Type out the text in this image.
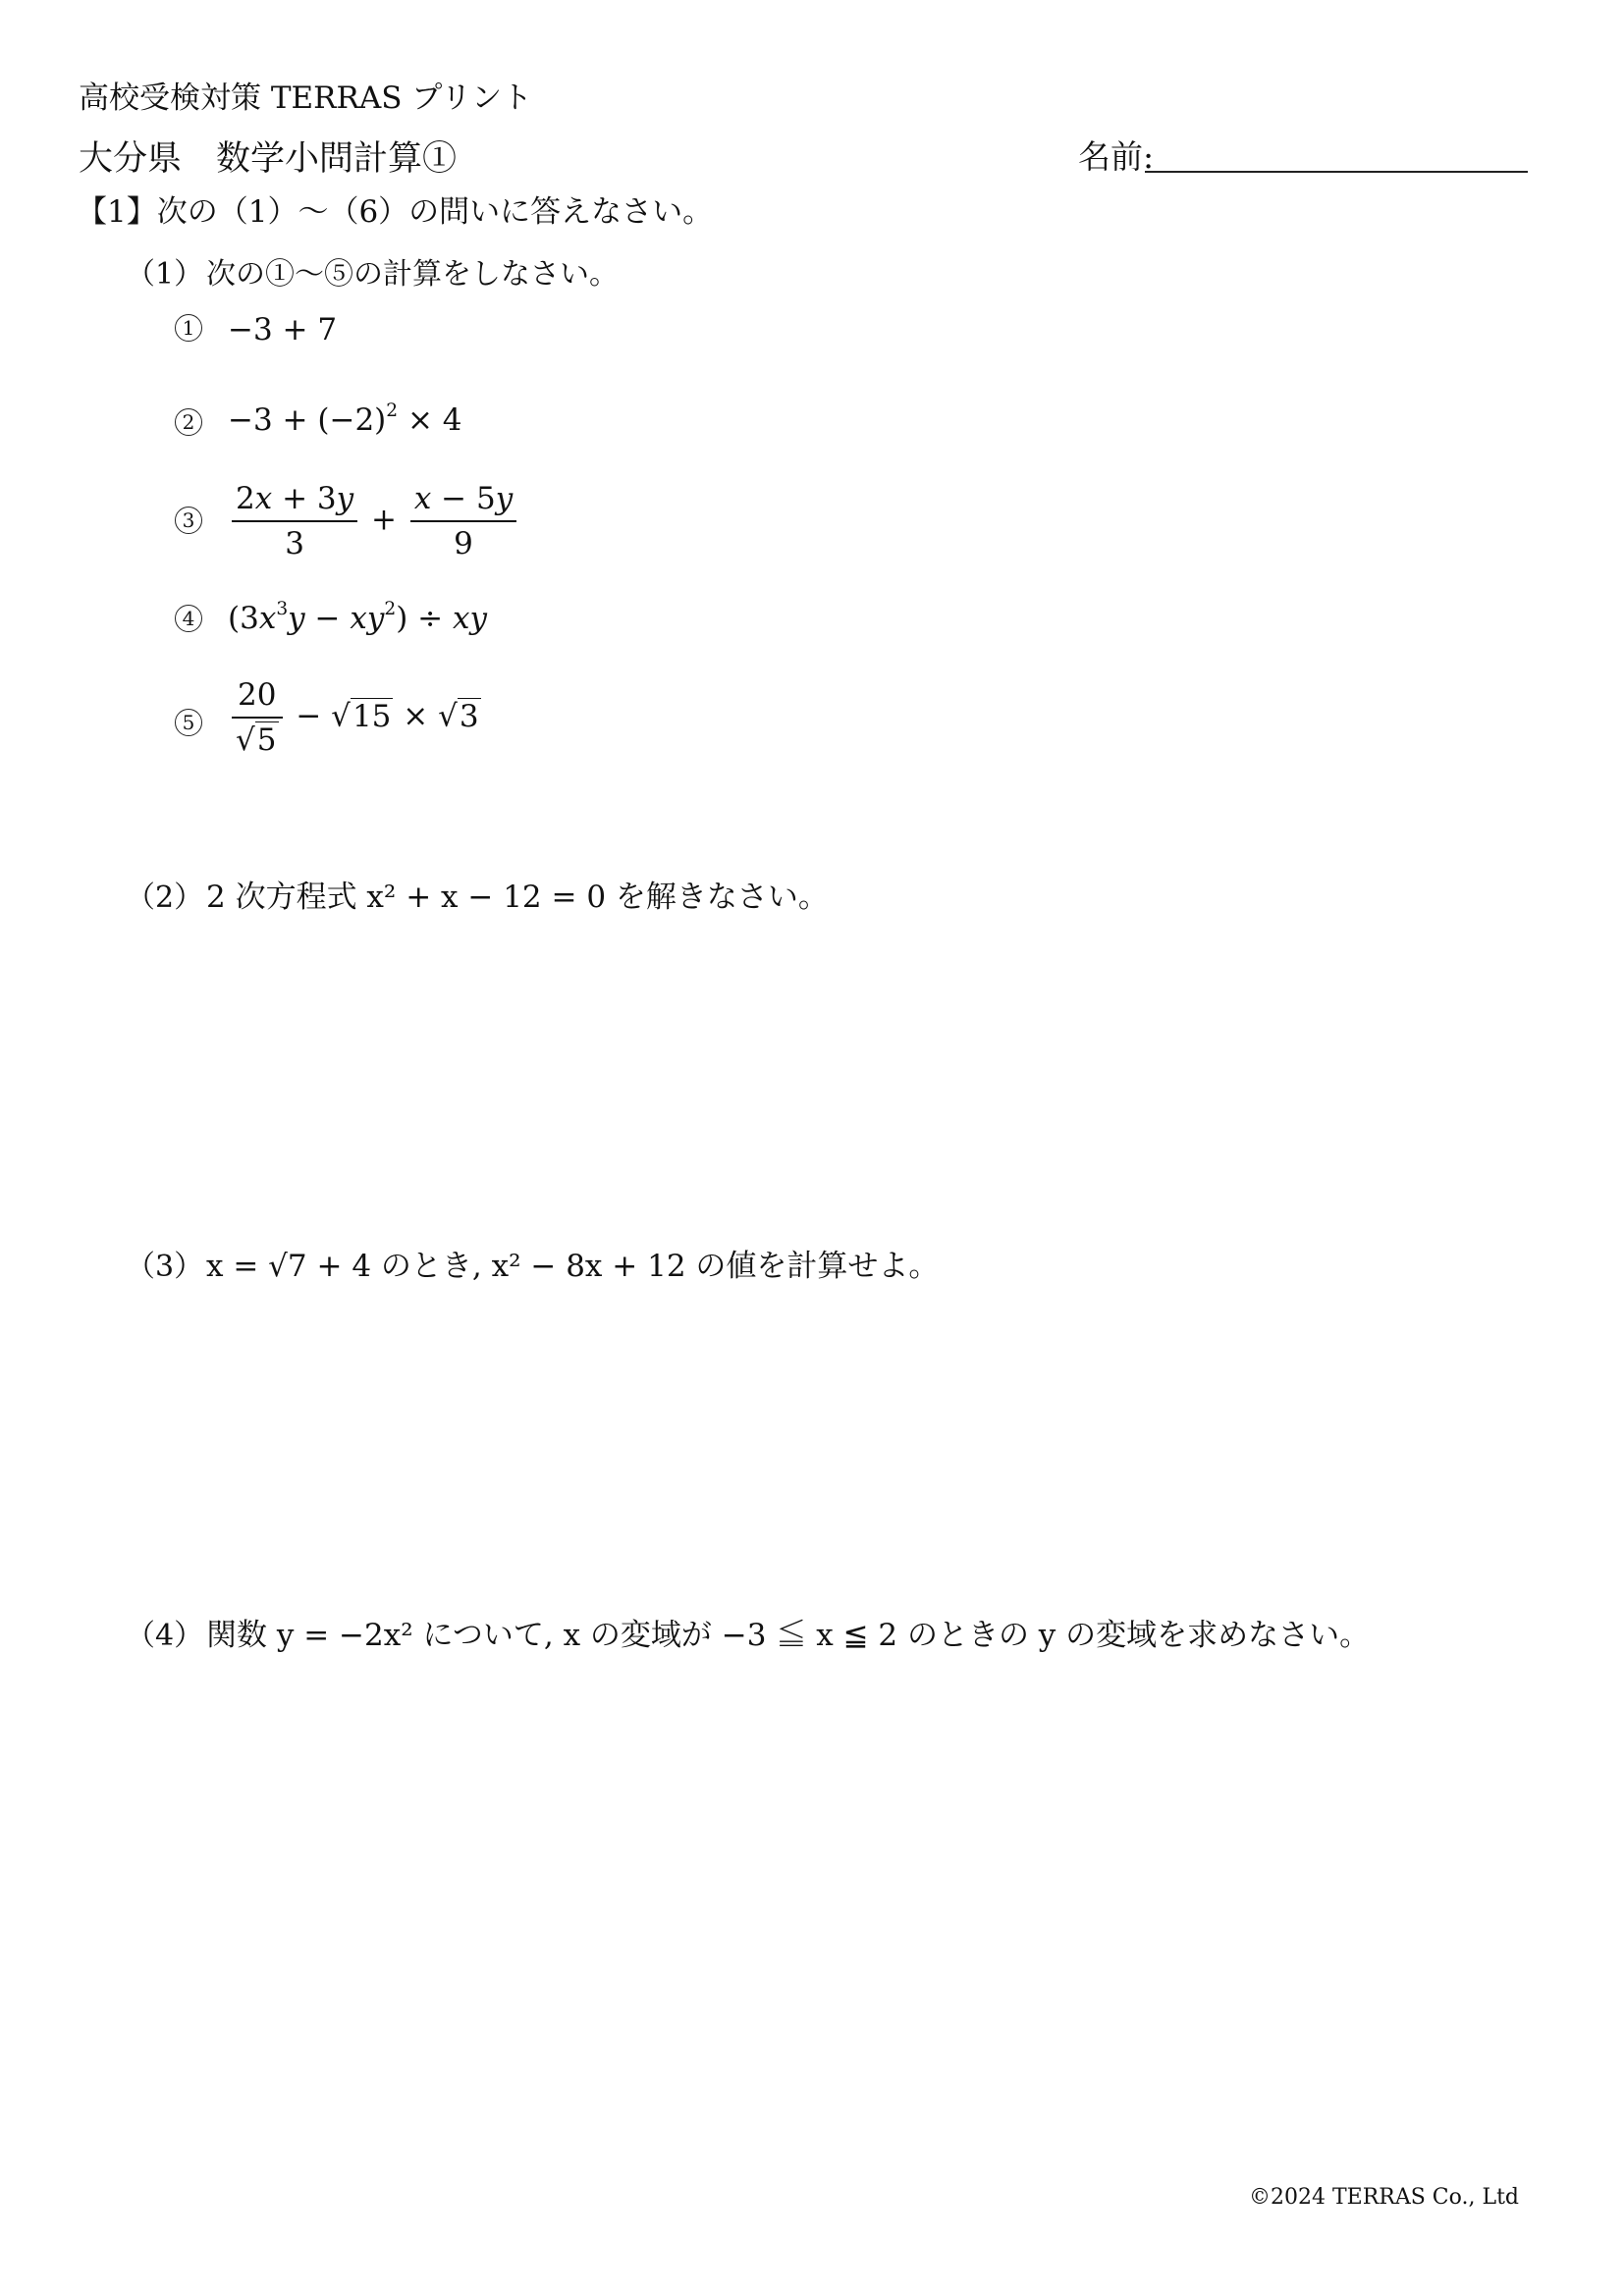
高校受検対策 TERRAS プリント
大分県　数学小問計算①	名前:
【1】次の（1）～（6）の問いに答えなさい。
（1）次の①～⑤の計算をしなさい。
1 −3 + 7
$2 -3 + (-2)^2 \times 4$
$3 \frac{2x + 3y}{3} + \frac{x - 5y}{9}$
4 $(3x^3y - xy^2)$ ÷ xy
$5 \frac{20}{√5} - √15 \times √3$
（2）2 次方程式 x² + x − 12 = 0 を解きなさい。
（3）x = √7 + 4 のとき, x² − 8x + 12 の値を計算せよ。
（4）関数 y = −2x² について, x の変域が −3 ≦ x ≦ 2 のときの y の変域を求めなさい。
©2024 TERRAS Co., Ltd
